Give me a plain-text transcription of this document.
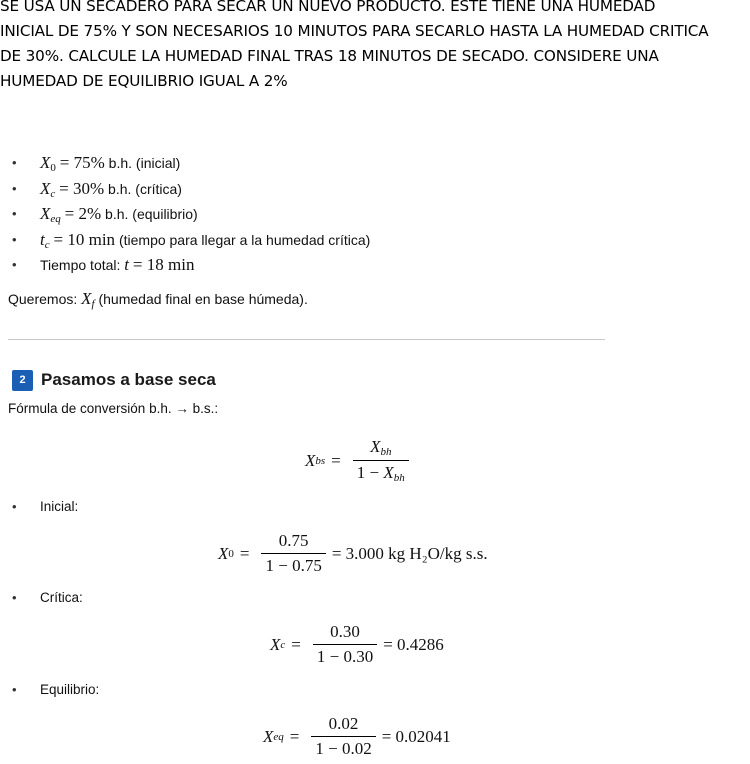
SE USA UN SECADERO PARA SECAR UN NUEVO PRODUCTO. ESTE TIENE UNA HUMEDAD
INICIAL DE 75% Y SON NECESARIOS 10 MINUTOS PARA SECARLO HASTA LA HUMEDAD CRITICA
DE 30%. CALCULE LA HUMEDAD FINAL TRAS 18 MINUTOS DE SECADO. CONSIDERE UNA
HUMEDAD DE EQUILIBRIO IGUAL A 2%
• $X_0 = 75\%$ b.h. (inicial)
• $X_c = 30\%$ b.h. (crítica)
• $X_{eq} = 2\%$ b.h. (equilibrio)
• $t_c = 10$ min (tiempo para llegar a la humedad crítica)
• Tiempo total: t = 18 min
Queremos: $X_f$ (humedad final en base húmeda).
2 Pasamos a base seca
Fórmula de conversión b.h. → b.s.:
X bs = $\frac{\text{Xbh}}{\text{1 − Xbh}}$
• Inicial:
X $0 = \frac{0.75}{1 - 0.75} = 3.000$ kg H₂O/kg s.s.
• Crítica:
X $c = \frac{0.30}{1 - 0.30} = 0.4286$
• Equilibrio:
X eq = $\frac{0.02}{1 - 0.02} = 0.02041$
